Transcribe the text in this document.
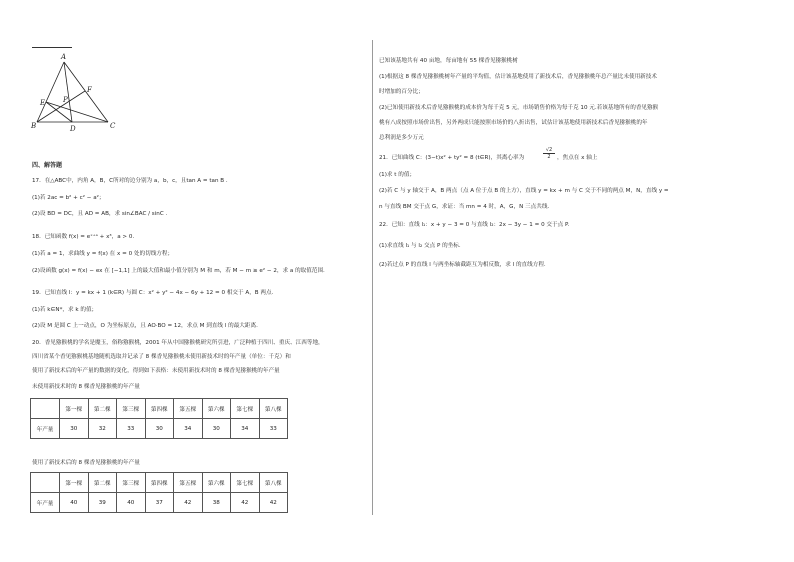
A
F
P
E
B	D	C
四、解答题
17．在△ABC中，内角 A，B，C所对的边分别为 a，b，c，且tan A = tan B .
(1)若 2ac = b² + c² − a²；
(2)设 BD = DC，且 AD = AB，求 sin∠BAC / sinC .
18．已知函数 f(x) = eˣ⁺ᵃ + x³，a > 0.
(1)若 a = 1，求曲线 y = f(x) 在 x = 0 处的切线方程；
(2)设函数 g(x) = f(x) − ex 在 [−1,1] 上的最大值和最小值分别为 M 和 m，若 M − m ≥ e² − 2，求 a 的取值范围.
19．已知直线 l：y = kx + 1 (k∈R) 与圆 C：x² + y² − 4x − 6y + 12 = 0 相交于 A，B 两点.
(1)若 k∈N*，求 k 的值；
(2)设 M 是圆 C 上一动点，O 为坐标原点，且 AO·BO = 12，求点 M 到直线 l 的最大距离.
20．香见猕猴桃的学名是魔玉，俗称猕猴桃，2001 年从中国猕猴桃研究所引进，广泛种植于四川、重庆、江西等地，
四川省某个香见猕猴桃基地随机选取并记录了 8 棵香见猕猴桃未使用新技术时的年产量（单位：千克）和
使用了新技术后的年产量的数据的变化，得到如下表格：未使用新技术时的 8 棵香见猕猴桃的年产量
未使用新技术时的 8 棵香见猕猴桃的年产量
	第一棵	第二棵	第三棵	第四棵	第五棵	第六棵	第七棵	第八棵
年产量	30	32	33	30	34	30	34	33
使用了新技术后的 8 棵香见猕猴桃的年产量
	第一棵	第二棵	第三棵	第四棵	第五棵	第六棵	第七棵	第八棵
年产量	40	39	40	37	42	38	42	42
已知该基地共有 40 亩地，每亩地有 55 棵香见猕猴桃树
(1)根据这 8 棵香见猕猴桃树年产量的平均值，估计该基地使用了新技术后，香见猕猴桃年总产量比未使用新技术
时增加的百分比；
(2)已知使用新技术后香见猕猴桃的成本价为每千克 5 元，市场销售价格为每千克 10 元.若该基地所有的香见猕猴
桃有八成按照市场价出售，另外两成只能按照市场价的八折出售，试估计该基地使用新技术后香见猕猴桃的年
总利润是多少万元
21．已知曲线 C：(3−t)x² + ty² = 8 (t∈R)，其离心率为	$\frac{√2}{2}$ ，焦点在 x 轴上
(1)求 t 的值；
(2)若 C 与 y 轴交于 A，B 两点（点 A 位于点 B 的上方），直线 y = kx + m 与 C 交于不同的两点 M，N，直线 y =
n 与直线 BM 交于点 G，求证：当 mn = 4 时，A，G，N 三点共线.
22．已知：直线 l₁：x + y − 3 = 0 与直线 l₂：2x − 3y − 1 = 0 交于点 P.
(1)求直线 l₁ 与 l₂ 交点 P 的坐标.
(2)若过点 P 的直线 l 与两坐标轴截距互为相反数，求 l 的直线方程.
